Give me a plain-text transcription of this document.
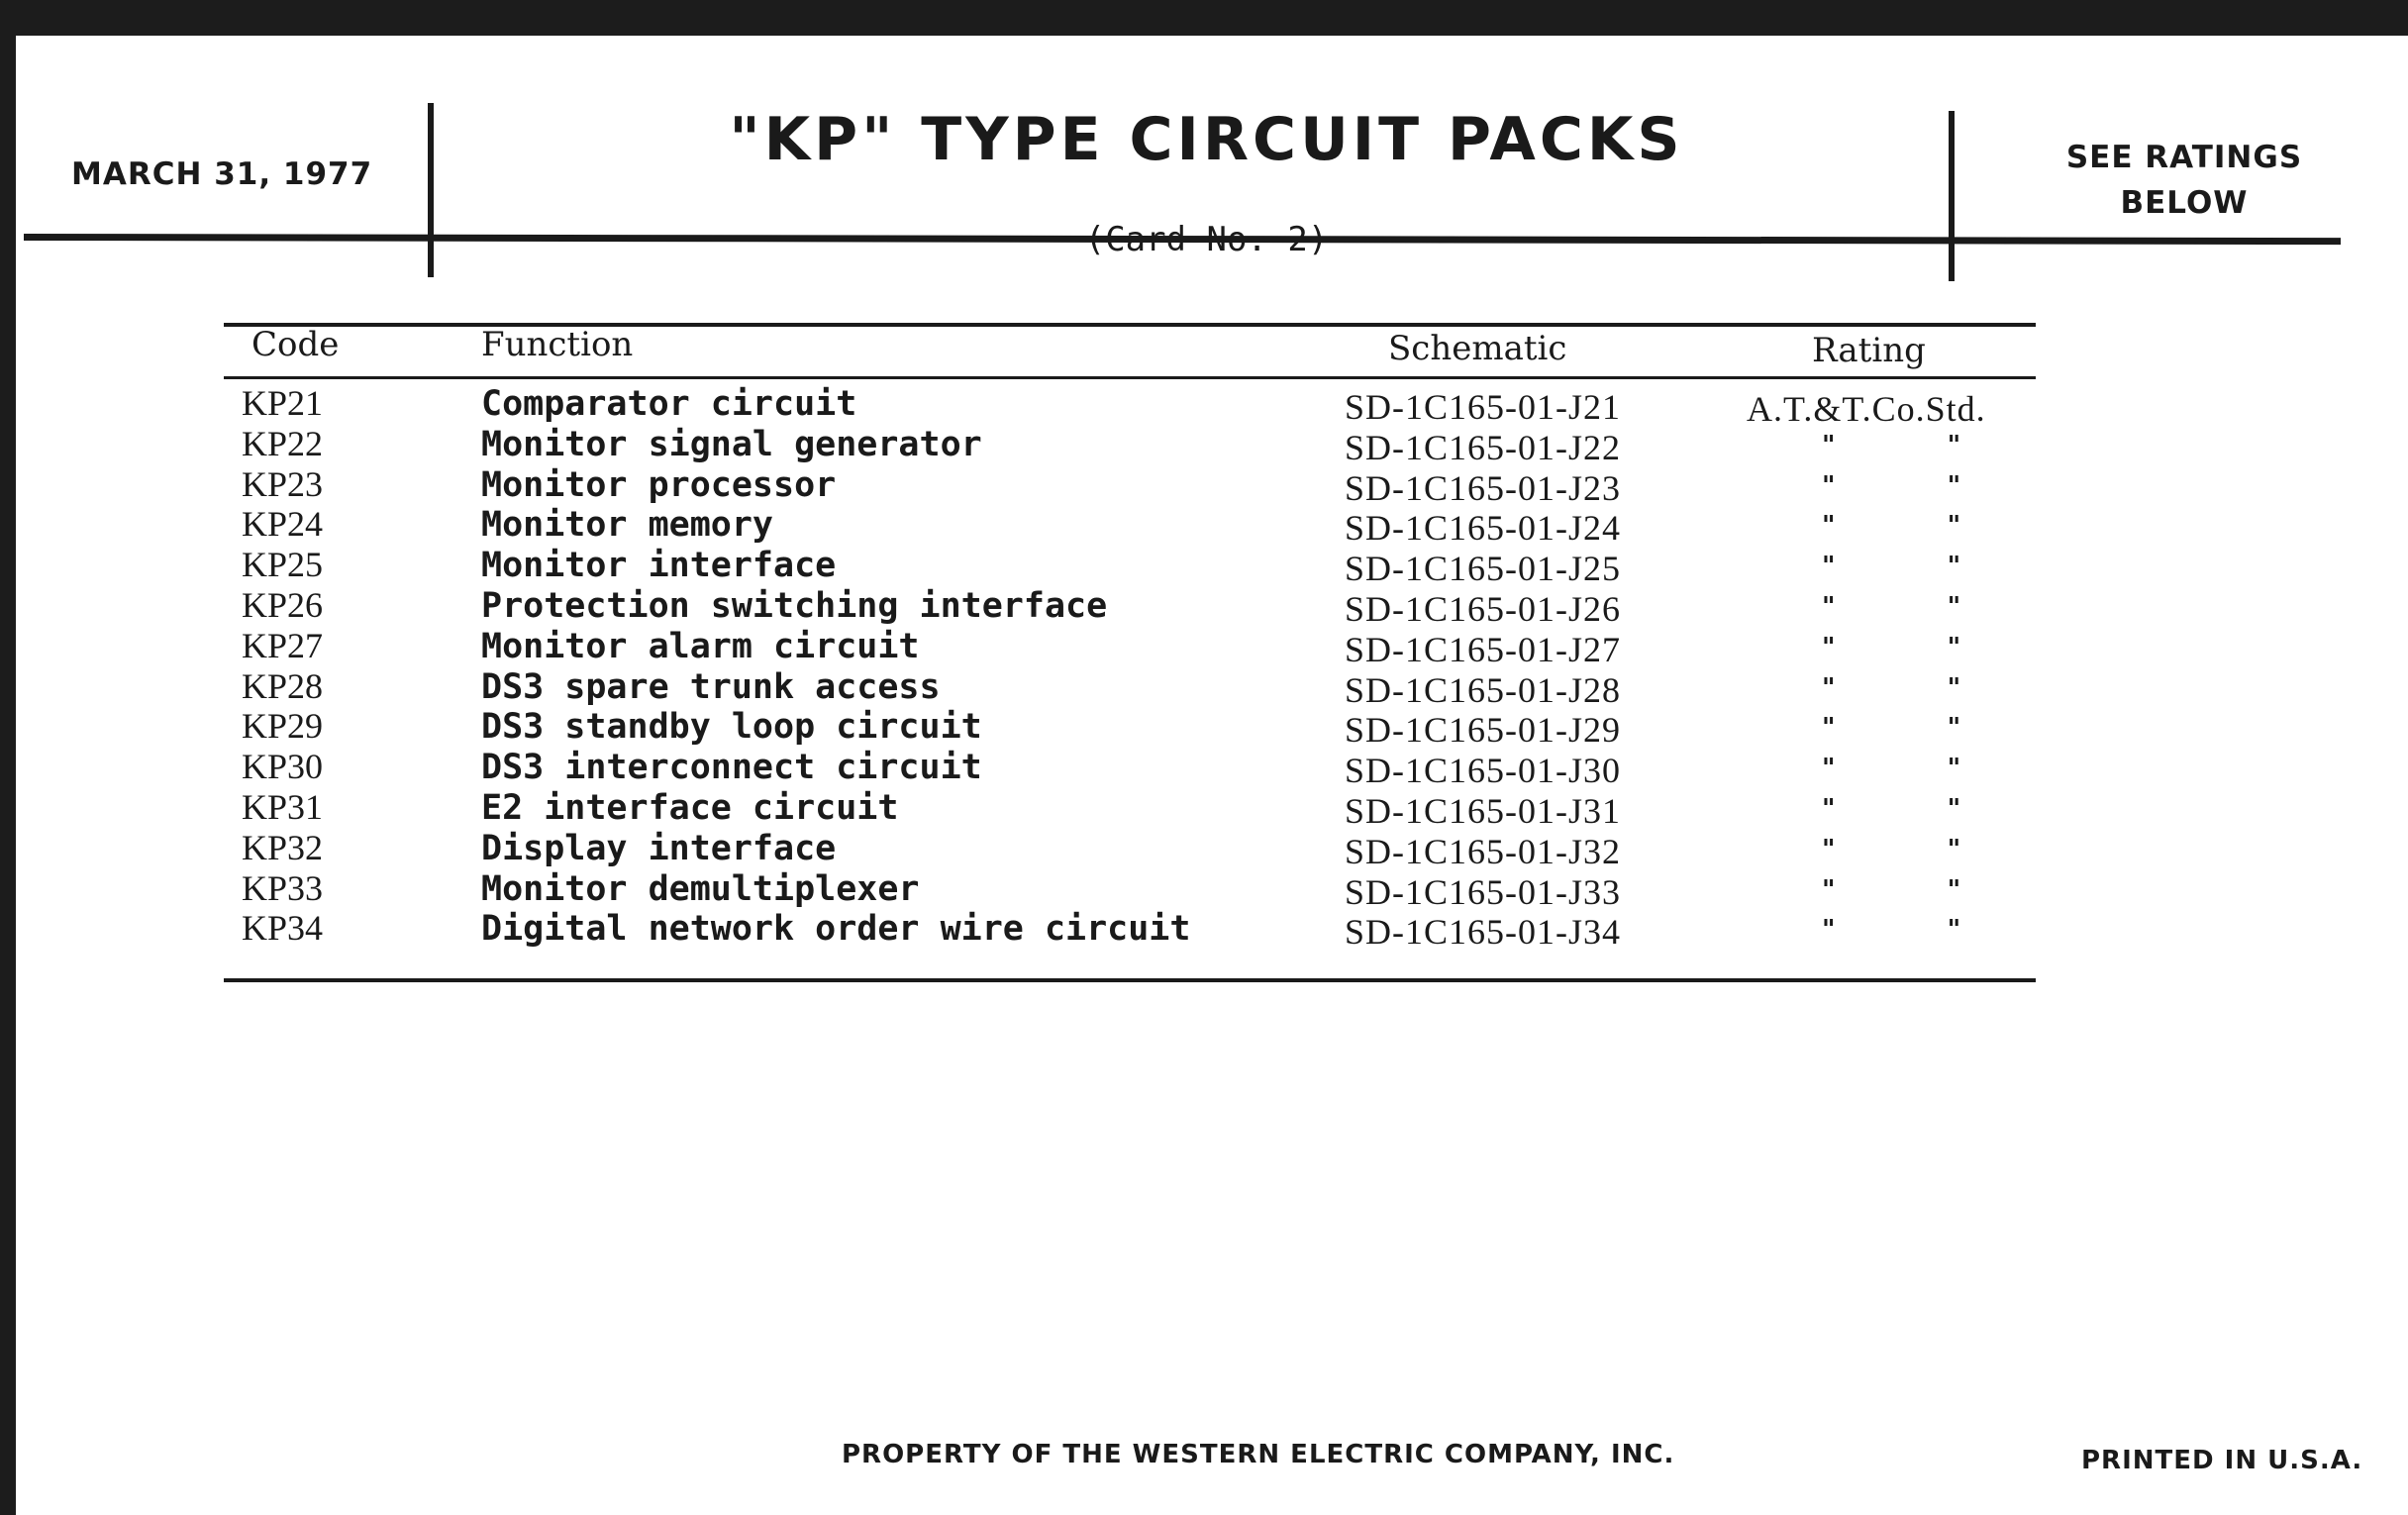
MARCH 31, 1977	"KP" TYPE CIRCUIT PACKS	SEE RATINGS
BELOW
Code	Function	Schematic	Rating
KP21	Comparator circuit	SD-1C165-01-J21	A.T.&T.Co.Std.
KP22	Monitor signal generator	SD-1C165-01-J22	" "
KP23	Monitor processor	SD-1C165-01-J23	" "
KP24	Monitor memory	SD-1C165-01-J24	" "
KP25	Monitor interface	SD-1C165-01-J25	" "
KP26	Protection switching interface	SD-1C165-01-J26	" "
KP27	Monitor alarm circuit	SD-1C165-01-J27	" "
KP28	DS3 spare trunk access	SD-1C165-01-J28	" "
KP29	DS3 standby loop circuit	SD-1C165-01-J29	" "
KP30	DS3 interconnect circuit	SD-1C165-01-J30	" "
KP31	E2 interface circuit	SD-1C165-01-J31	" "
KP32	Display interface	SD-1C165-01-J32	" "
KP33	Monitor demultiplexer	SD-1C165-01-J33	" "
KP34	Digital network order wire circuit	SD-1C165-01-J34	" "
PROPERTY OF THE WESTERN ELECTRIC COMPANY, INC.	PRINTED IN U.S.A.
